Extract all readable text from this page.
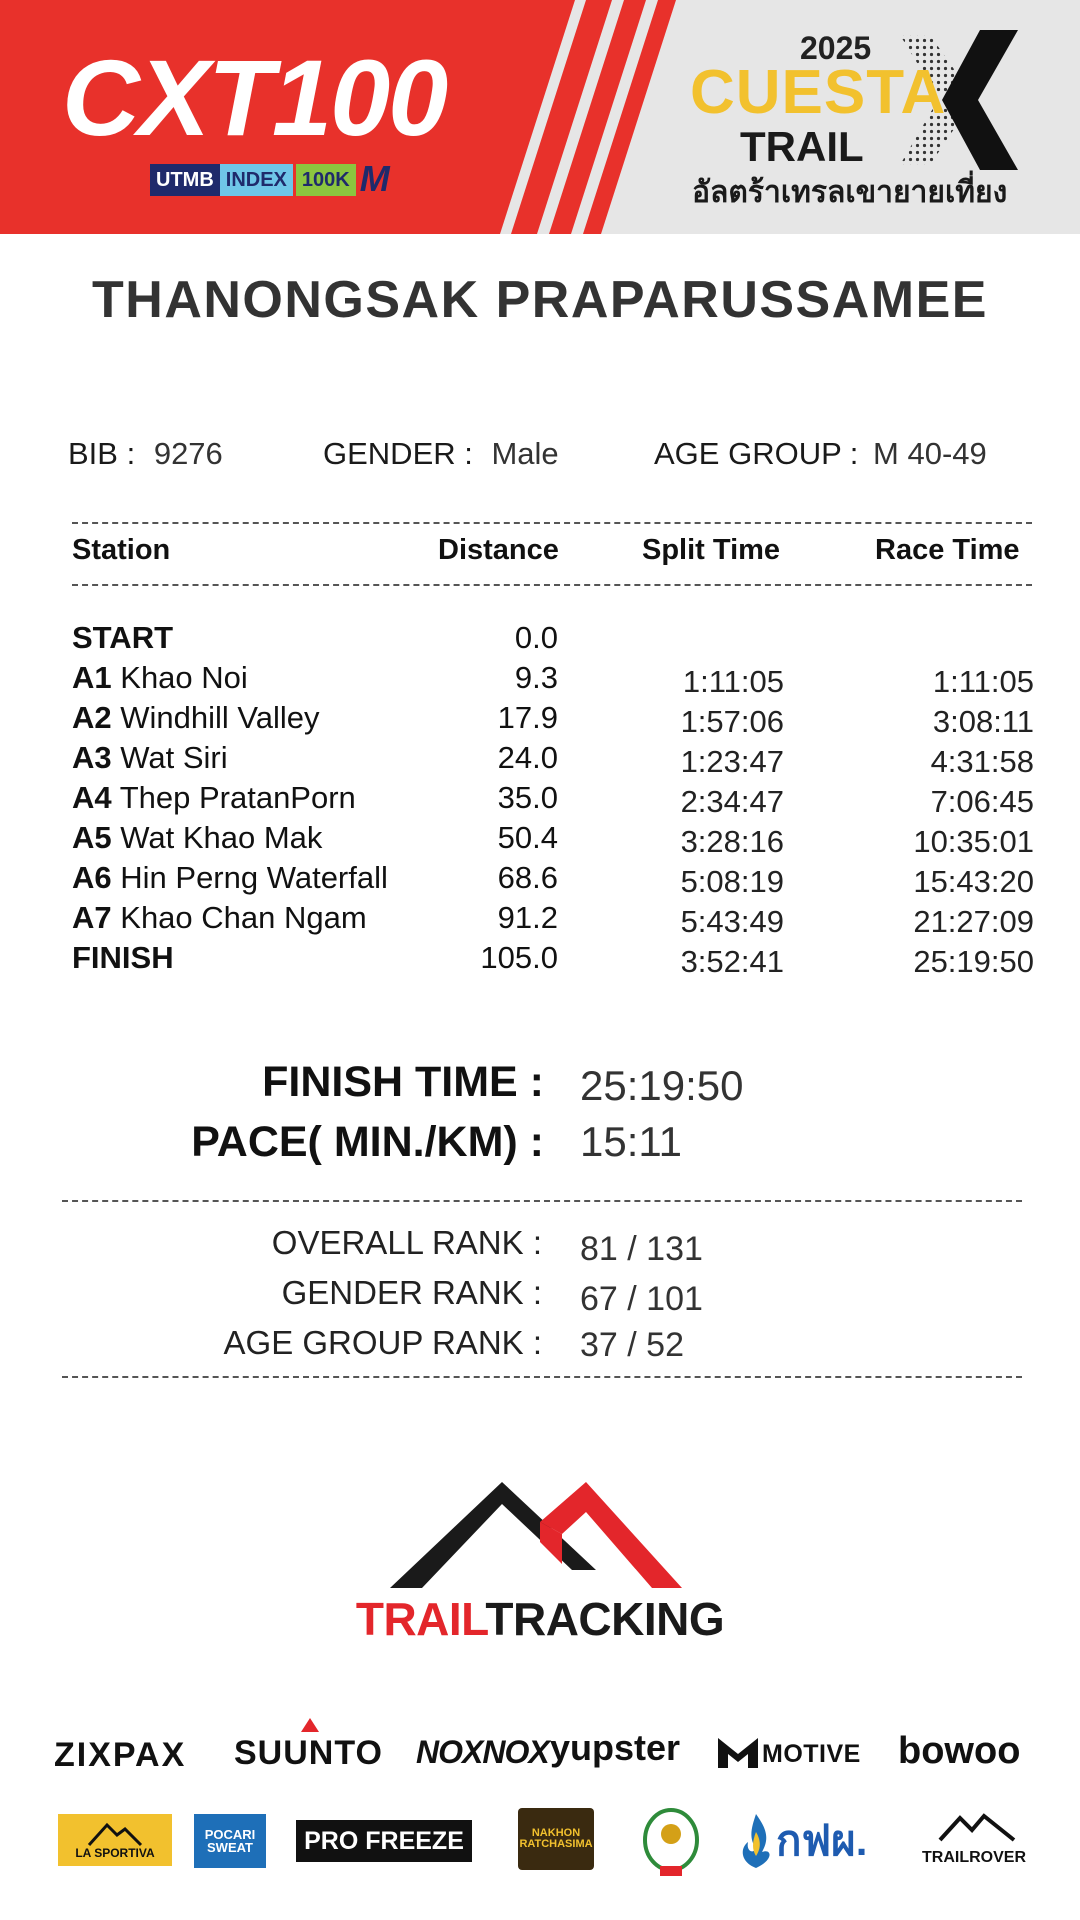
CXT100
UTMB INDEX 100K M
2025
CUESTA
TRAIL
อัลตร้าเทรลเขายายเที่ยง
THANONGSAK PRAPARUSSAMEE
BIB : 9276	GENDER : Male	AGE GROUP : M 40-49
Station	Distance	Split Time	Race Time
START	0.0
A1 Khao Noi	9.3	1:11:05	1:11:05
A2 Windhill Valley	17.9	1:57:06	3:08:11
A3 Wat Siri	24.0	1:23:47	4:31:58
A4 Thep PratanPorn	35.0	2:34:47	7:06:45
A5 Wat Khao Mak	50.4	3:28:16	10:35:01
A6 Hin Perng Waterfall	68.6	5:08:19	15:43:20
A7 Khao Chan Ngam	91.2	5:43:49	21:27:09
FINISH	105.0	3:52:41	25:19:50
FINISH TIME : 25:19:50
PACE( MIN./KM) : 15:11
OVERALL RANK : 81 / 131
GENDER RANK : 67 / 101
AGE GROUP RANK : 37 / 52
TRAILTRACKING
ZIXPAX SUUNTO NOXNOX yupster	MOTIVE bowoo
LA SPORTIVA
POCARI
SWEAT	PRO FREEZE	NAKHON
RATCHASIMA	กฟผ.	TRAILROVER
